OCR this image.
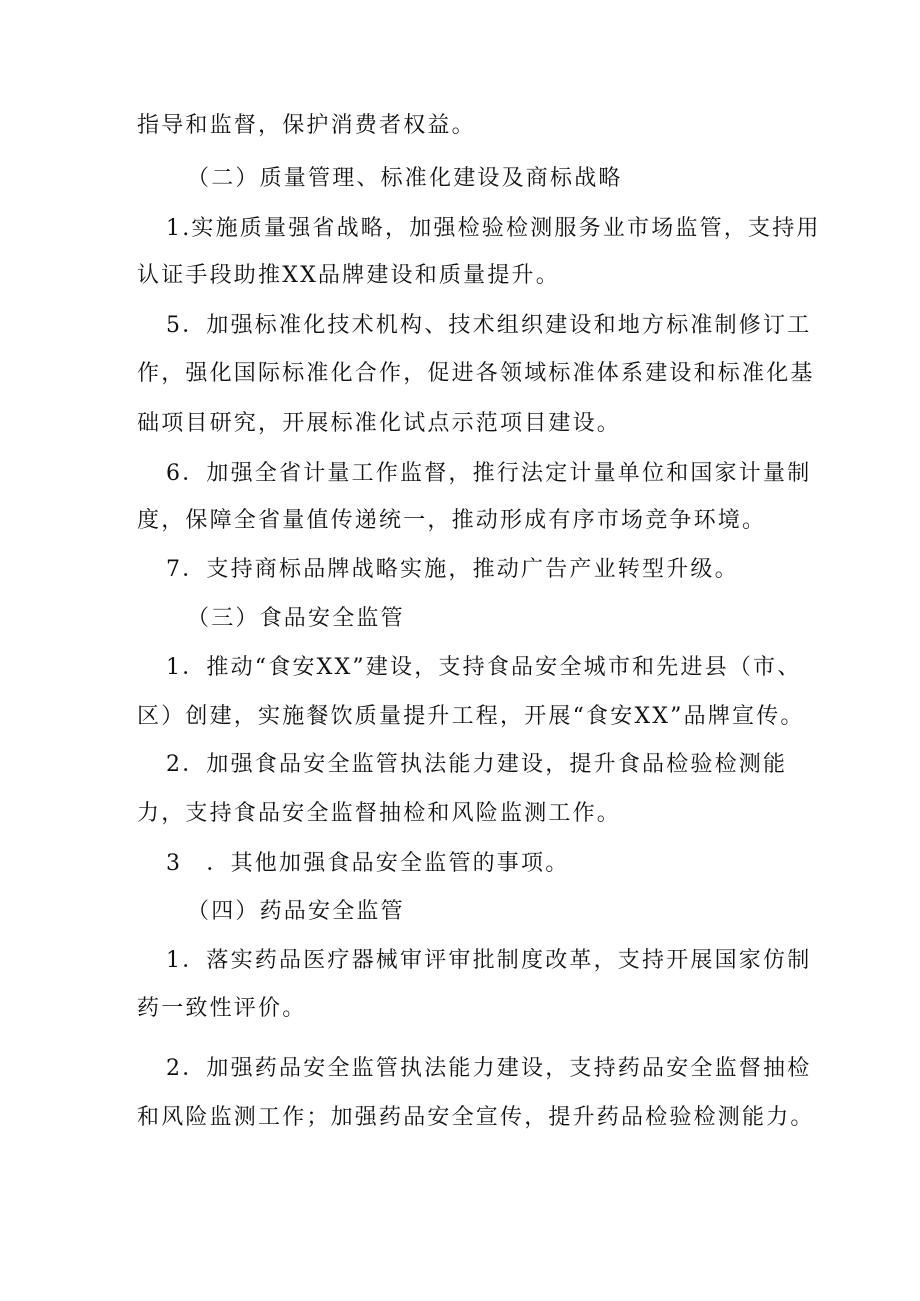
指导和监督，保护消费者权益。
（二）质量管理、标准化建设及商标战略
1.实施质量强省战略，加强检验检测服务业市场监管，支持用
认证手段助推XX品牌建设和质量提升。
5．加强标准化技术机构、技术组织建设和地方标准制修订工
作，强化国际标准化合作，促进各领域标准体系建设和标准化基
础项目研究，开展标准化试点示范项目建设。
6．加强全省计量工作监督，推行法定计量单位和国家计量制
度，保障全省量值传递统一，推动形成有序市场竞争环境。
7．支持商标品牌战略实施，推动广告产业转型升级。
（三）食品安全监管
1．推动“食安XX”建设，支持食品安全城市和先进县（市、
区）创建，实施餐饮质量提升工程，开展“食安XX”品牌宣传。
2．加强食品安全监管执法能力建设，提升食品检验检测能
力，支持食品安全监督抽检和风险监测工作。
3　．其他加强食品安全监管的事项。
（四）药品安全监管
1．落实药品医疗器械审评审批制度改革，支持开展国家仿制
药一致性评价。
2．加强药品安全监管执法能力建设，支持药品安全监督抽检
和风险监测工作；加强药品安全宣传，提升药品检验检测能力。
